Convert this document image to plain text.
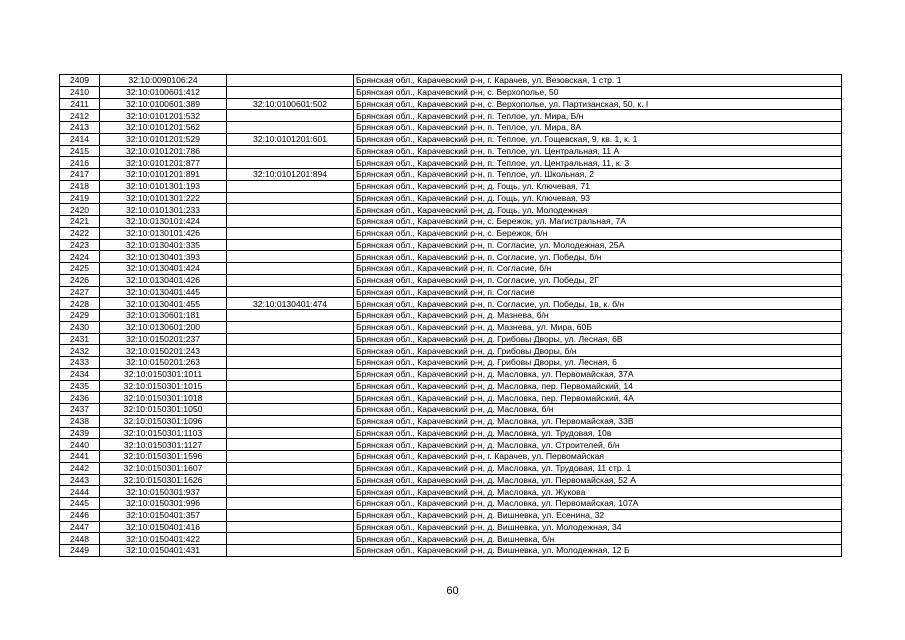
2409	32:10:0090106:24		Брянская обл., Карачевский р-н, г. Карачев, ул. Везовская, 1 стр. 1
2410	32:10:0100601:412		Брянская обл., Карачевский р-н, с. Верхополье, 50
2411	32:10:0100601:389	32:10:0100601:502	Брянская обл., Карачевский р-н, с. Верхополье, ул. Партизанская, 50, к. I
2412	32:10:0101201:532		Брянская обл., Карачевский р-н, п. Теплое, ул. Мира, Б/н
2413	32:10:0101201:562		Брянская обл., Карачевский р-н, п. Теплое, ул. Мира, 8А
2414	32:10:0101201:529	32:10:0101201:601	Брянская обл., Карачевский р-н, п. Теплое, ул. Гощевская, 9, кв. 1, к. 1
2415	32:10:0101201:786		Брянская обл., Карачевский р-н, п. Теплое, ул. Центральная, 11 А
2416	32:10:0101201:877		Брянская обл., Карачевский р-н, п. Теплое, ул. Центральная, 11, к. 3
2417	32:10:0101201:891	32:10:0101201:894	Брянская обл., Карачевский р-н, п. Теплое, ул. Школьная, 2
2418	32:10:0101301:193		Брянская обл., Карачевский р-н, д. Гощь, ул. Ключевая, 71
2419	32:10:0101301:222		Брянская обл., Карачевский р-н, д. Гощь, ул. Ключевая, 93
2420	32:10:0101301:233		Брянская обл., Карачевский р-н, д. Гощь, ул. Молодежная
2421	32:10:0130101:424		Брянская обл., Карачевский р-н, с. Бережок, ул. Магистральная, 7А
2422	32:10:0130101:426		Брянская обл., Карачевский р-н, с. Бережок, б/н
2423	32:10:0130401:335		Брянская обл., Карачевский р-н, п. Согласие, ул. Молодежная, 25А
2424	32:10:0130401:393		Брянская обл., Карачевский р-н, п. Согласие, ул. Победы, б/н
2425	32:10:0130401:424		Брянская обл., Карачевский р-н, п. Согласие, б/н
2426	32:10:0130401:426		Брянская обл., Карачевский р-н, п. Согласие, ул. Победы, 2Г
2427	32:10:0130401:445		Брянская обл., Карачевский р-н, п. Согласие
2428	32:10:0130401:455	32:10:0130401:474	Брянская обл., Карачевский р-н, п. Согласие, ул. Победы, 1в, к. б/н
2429	32:10:0130601:181		Брянская обл., Карачевский р-н, д. Мазнева, б/н
2430	32:10:0130601:200		Брянская обл., Карачевский р-н, д. Мазнева, ул. Мира, 60Б
2431	32:10:0150201:237		Брянская обл., Карачевский р-н, д. Грибовы Дворы, ул. Лесная, 6В
2432	32:10:0150201:243		Брянская обл., Карачевский р-н, д. Грибовы Дворы, б/н
2433	32:10:0150201:263		Брянская обл., Карачевский р-н, д. Грибовы Дворы, ул. Лесная, 6
2434	32:10:0150301:1011		Брянская обл., Карачевский р-н, д. Масловка, ул. Первомайская, 37А
2435	32:10:0150301:1015		Брянская обл., Карачевский р-н, д. Масловка, пер. Первомайский, 14
2436	32:10:0150301:1018		Брянская обл., Карачевский р-н, д. Масловка, пер. Первомайский, 4А
2437	32:10:0150301:1050		Брянская обл., Карачевский р-н, д. Масловка, б/н
2438	32:10:0150301:1096		Брянская обл., Карачевский р-н, д. Масловка, ул. Первомайская, 33В
2439	32:10:0150301:1103		Брянская обл., Карачевский р-н, д. Масловка, ул. Трудовая, 10в
2440	32:10:0150301:1127		Брянская обл., Карачевский р-н, д. Масловка, ул. Строителей, б/н
2441	32:10:0150301:1596		Брянская обл., Карачевский р-н, г. Карачев, ул. Первомайская
2442	32:10:0150301:1607		Брянская обл., Карачевский р-н, д. Масловка, ул. Трудовая, 11 стр. 1
2443	32:10:0150301:1626		Брянская обл., Карачевский р-н, д. Масловка, ул. Первомайская, 52 А
2444	32:10:0150301:937		Брянская обл., Карачевский р-н, д. Масловка, ул. Жукова
2445	32:10:0150301:996		Брянская обл., Карачевский р-н, д. Масловка, ул. Первомайская, 107А
2446	32:10:0150401:357		Брянская обл., Карачевский р-н, д. Вишневка, ул. Есенина, 32
2447	32:10:0150401:416		Брянская обл., Карачевский р-н, д. Вишневка, ул. Молодежная, 34
2448	32:10:0150401:422		Брянская обл., Карачевский р-н, д. Вишневка, б/н
2449	32:10:0150401:431		Брянская обл., Карачевский р-н, д. Вишневка, ул. Молодежная, 12 Б
60
